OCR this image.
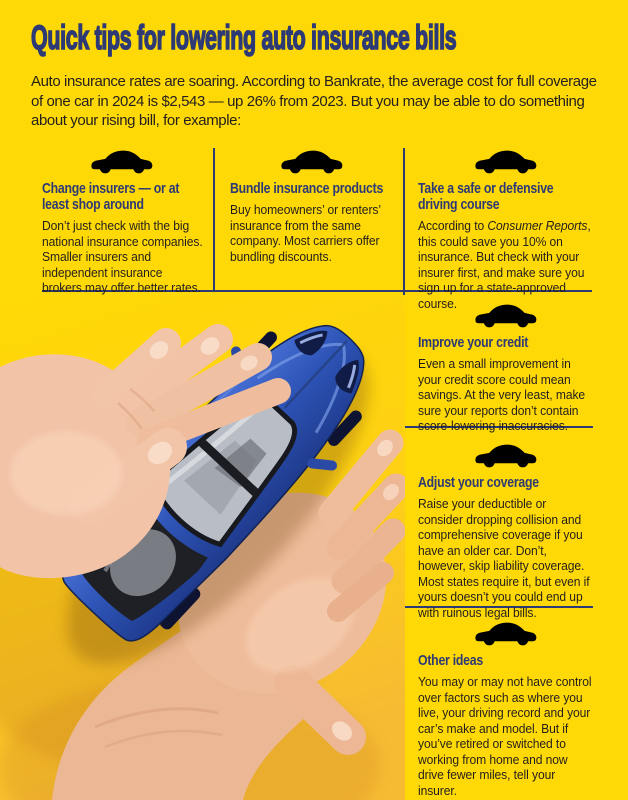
Quick tips for lowering auto insurance bills

Auto insurance rates are soaring. According to Bankrate, the average cost for full coverage of one car in 2024 is $2,543 — up 26% from 2023. But you may be able to do something about your rising bill, for example:

Change insurers — or at least shop around

Don’t just check with the big national insurance companies. Smaller insurers and independent insurance brokers may offer better rates.

Bundle insurance products

Buy homeowners’ or renters’ insurance from the same company. Most carriers offer bundling discounts.

Take a safe or defensive driving course

According to Consumer Reports, this could save you 10% on insurance. But check with your insurer first, and make sure you sign up for a state-approved course.

Improve your credit

Even a small improvement in your credit score could mean savings. At the very least, make sure your reports don’t contain score-lowering inaccuracies.

Adjust your coverage

Raise your deductible or consider dropping collision and comprehensive coverage if you have an older car. Don’t, however, skip liability coverage. Most states require it, but even if yours doesn’t you could end up with ruinous legal bills.

Other ideas

You may or may not have control over factors such as where you live, your driving record and your car’s make and model. But if you’ve retired or switched to working from home and now drive fewer miles, tell your insurer.
